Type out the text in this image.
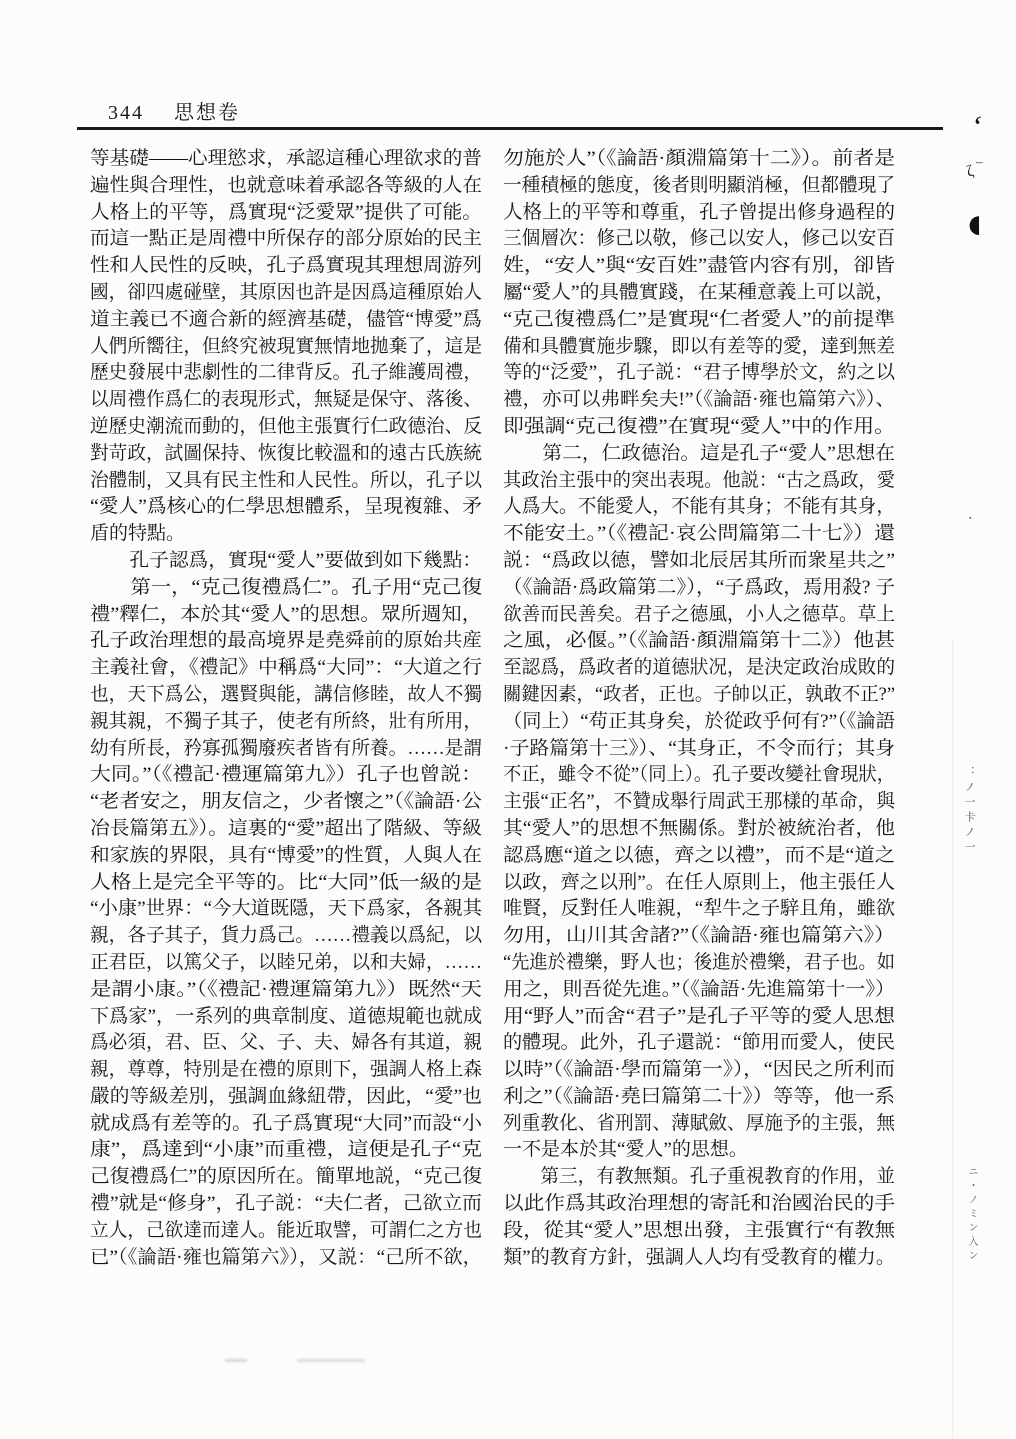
344 思想卷
等基礎——心理慾求，承認這種心理欲求的普
遍性與合理性，也就意味着承認各等級的人在
人格上的平等，爲實現“泛愛眾”提供了可能。
而這一點正是周禮中所保存的部分原始的民主
性和人民性的反映，孔子爲實現其理想周游列
國，卻四處碰壁，其原因也許是因爲這種原始人
道主義已不適合新的經濟基礎，儘管“博愛”爲
人們所嚮往，但終究被現實無情地拋棄了，這是
歷史發展中悲劇性的二律背反。孔子維護周禮，
以周禮作爲仁的表現形式，無疑是保守、落後、
逆歷史潮流而動的，但他主張實行仁政德治、反
對苛政，試圖保持、恢復比較溫和的遠古氏族統
治體制，又具有民主性和人民性。所以，孔子以
“愛人”爲核心的仁學思想體系，呈現複雜、矛
盾的特點。
　　孔子認爲，實現“愛人”要做到如下幾點：
　　第一，“克己復禮爲仁”。孔子用“克己復
禮”釋仁，本於其“愛人”的思想。眾所週知，
孔子政治理想的最高境界是堯舜前的原始共産
主義社會，《禮記》中稱爲“大同”：“大道之行
也，天下爲公，選賢與能，講信修睦，故人不獨
親其親，不獨子其子，使老有所終，壯有所用，
幼有所長，矜寡孤獨廢疾者皆有所養。……是謂
大同。”（《禮記·禮運篇第九》）孔子也曾説：
“老者安之，朋友信之，少者懷之”（《論語·公
冶長篇第五》）。這裏的“愛”超出了階級、等級
和家族的界限，具有“博愛”的性質，人與人在
人格上是完全平等的。比“大同”低一級的是
“小康”世界：“今大道既隱，天下爲家，各親其
親，各子其子，貨力爲己。……禮義以爲紀，以
正君臣，以篤父子，以睦兄弟，以和夫婦，……
是謂小康。”（《禮記·禮運篇第九》）既然“天
下爲家”，一系列的典章制度、道德規範也就成
爲必須，君、臣、父、子、夫、婦各有其道，親
親，尊尊，特別是在禮的原則下，强調人格上森
嚴的等級差別，强調血緣紐帶，因此，“愛”也
就成爲有差等的。孔子爲實現“大同”而設“小
康”，爲達到“小康”而重禮，這便是孔子“克
己復禮爲仁”的原因所在。簡單地説，“克己復
禮”就是“修身”，孔子説：“夫仁者，己欲立而
立人，己欲達而達人。能近取譬，可謂仁之方也
已”（《論語·雍也篇第六》），又説：“己所不欲，
勿施於人”（《論語·顏淵篇第十二》）。前者是
一種積極的態度，後者則明顯消極，但都體現了
人格上的平等和尊重，孔子曾提出修身過程的
三個層次：修己以敬，修己以安人，修己以安百
姓，“安人”與“安百姓”盡管内容有別，卻皆
屬“愛人”的具體實踐，在某種意義上可以説，
“克己復禮爲仁”是實現“仁者愛人”的前提準
備和具體實施步驟，即以有差等的愛，達到無差
等的“泛愛”，孔子説：“君子博學於文，約之以
禮，亦可以弗畔矣夫!”（《論語·雍也篇第六》）、
即强調“克己復禮”在實現“愛人”中的作用。
　　第二，仁政德治。這是孔子“愛人”思想在
其政治主張中的突出表現。他説：“古之爲政，愛
人爲大。不能愛人，不能有其身；不能有其身，
不能安土。”（《禮記·哀公問篇第二十七》）還
説：“爲政以德，譬如北辰居其所而衆星共之”
（《論語·爲政篇第二》），“子爲政，焉用殺? 子
欲善而民善矣。君子之德風，小人之德草。草上
之風，必偃。”（《論語·顏淵篇第十二》）他甚
至認爲，爲政者的道德狀况，是決定政治成敗的
關鍵因素，“政者，正也。子帥以正，孰敢不正?”
（同上）“苟正其身矣，於從政乎何有?”（《論語
·子路篇第十三》）、“其身正，不令而行；其身
不正，雖令不從”（同上）。孔子要改變社會現狀，
主張“正名”，不贊成舉行周武王那樣的革命，與
其“愛人”的思想不無關係。對於被統治者，他
認爲應“道之以德，齊之以禮”，而不是“道之
以政，齊之以刑”。在任人原則上，他主張任人
唯賢，反對任人唯親，“犁牛之子騂且角，雖欲
勿用，山川其舍諸?”（《論語·雍也篇第六》）
“先進於禮樂，野人也；後進於禮樂，君子也。如
用之，則吾從先進。”（《論語·先進篇第十一》）
用“野人”而舍“君子”是孔子平等的愛人思想
的體現。此外，孔子還説：“節用而愛人，使民
以時”（《論語·學而篇第一》），“因民之所利而
利之”（《論語·堯曰篇第二十》）等等，他一系
列重教化、省刑罰、薄賦斂、厚施予的主張，無
一不是本於其“愛人”的思想。
　　第三，有教無類。孔子重視教育的作用，並
以此作爲其政治理想的寄託和治國治民的手
段，從其“愛人”思想出發，主張實行“有教無
類”的教育方針，强調人人均有受教育的權力。
ʻ
‒
ζ
◖
▪
：ノ一卡ノ一
ニ・ノミン入ン
